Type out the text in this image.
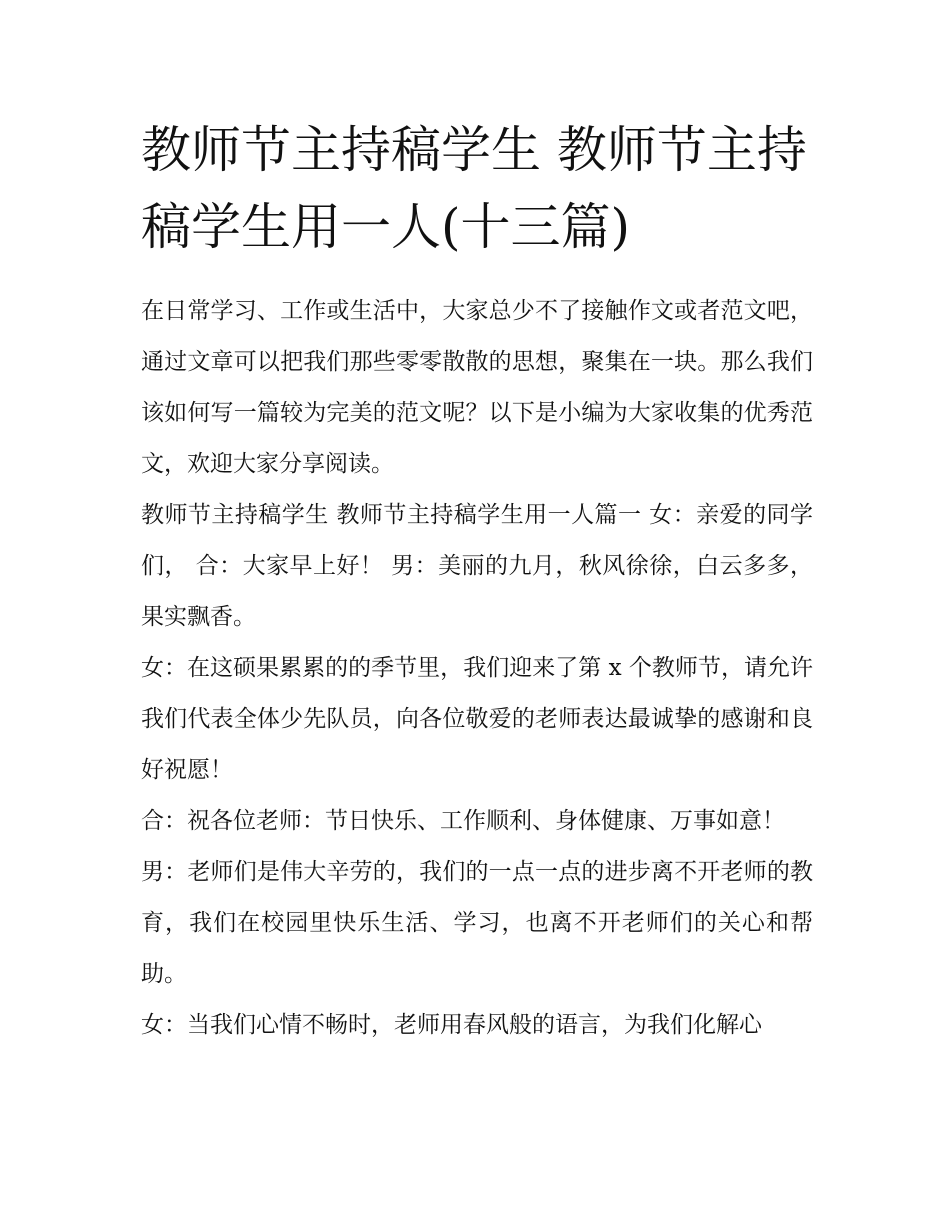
教师节主持稿学生 教师节主持稿学生用一人(十三篇)

在日常学习、工作或生活中，大家总少不了接触作文或者范文吧，通过文章可以把我们那些零零散散的思想，聚集在一块。那么我们该如何写一篇较为完美的范文呢？以下是小编为大家收集的优秀范文，欢迎大家分享阅读。

教师节主持稿学生 教师节主持稿学生用一人篇一 女：亲爱的同学们， 合：大家早上好！ 男：美丽的九月，秋风徐徐，白云多多，果实飘香。

女：在这硕果累累的的季节里，我们迎来了第 x 个教师节，请允许我们代表全体少先队员，向各位敬爱的老师表达最诚挚的感谢和良好祝愿！

合：祝各位老师：节日快乐、工作顺利、身体健康、万事如意！

男：老师们是伟大辛劳的，我们的一点一点的进步离不开老师的教育，我们在校园里快乐生活、学习，也离不开老师们的关心和帮助。

女：当我们心情不畅时，老师用春风般的语言，为我们化解心
